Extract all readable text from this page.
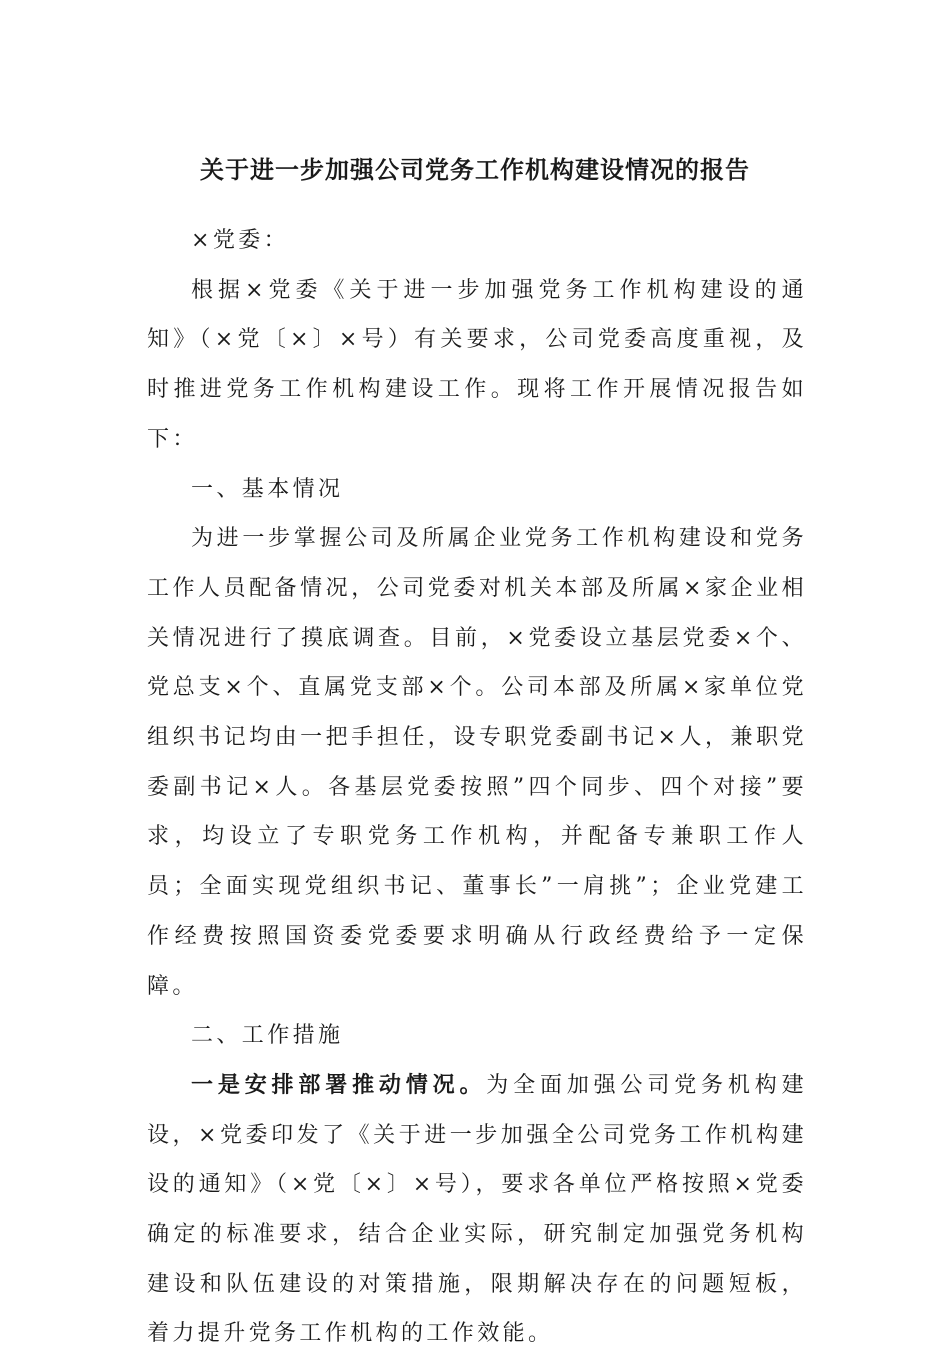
关于进一步加强公司党务工作机构建设情况的报告

×党委：

根据×党委《关于进一步加强党务工作机构建设的通知》（×党〔×〕×号）有关要求，公司党委高度重视，及时推进党务工作机构建设工作。现将工作开展情况报告如下：

一、基本情况

为进一步掌握公司及所属企业党务工作机构建设和党务工作人员配备情况，公司党委对机关本部及所属×家企业相关情况进行了摸底调查。目前，×党委设立基层党委×个、党总支×个、直属党支部×个。公司本部及所属×家单位党组织书记均由一把手担任，设专职党委副书记×人，兼职党委副书记×人。各基层党委按照”四个同步、四个对接”要求，均设立了专职党务工作机构，并配备专兼职工作人员；全面实现党组织书记、董事长”一肩挑”；企业党建工作经费按照国资委党委要求明确从行政经费给予一定保障。

二、工作措施

一是安排部署推动情况。为全面加强公司党务机构建设，×党委印发了《关于进一步加强全公司党务工作机构建设的通知》（×党〔×〕×号），要求各单位严格按照×党委确定的标准要求，结合企业实际，研究制定加强党务机构建设和队伍建设的对策措施，限期解决存在的问题短板，着力提升党务工作机构的工作效能。
